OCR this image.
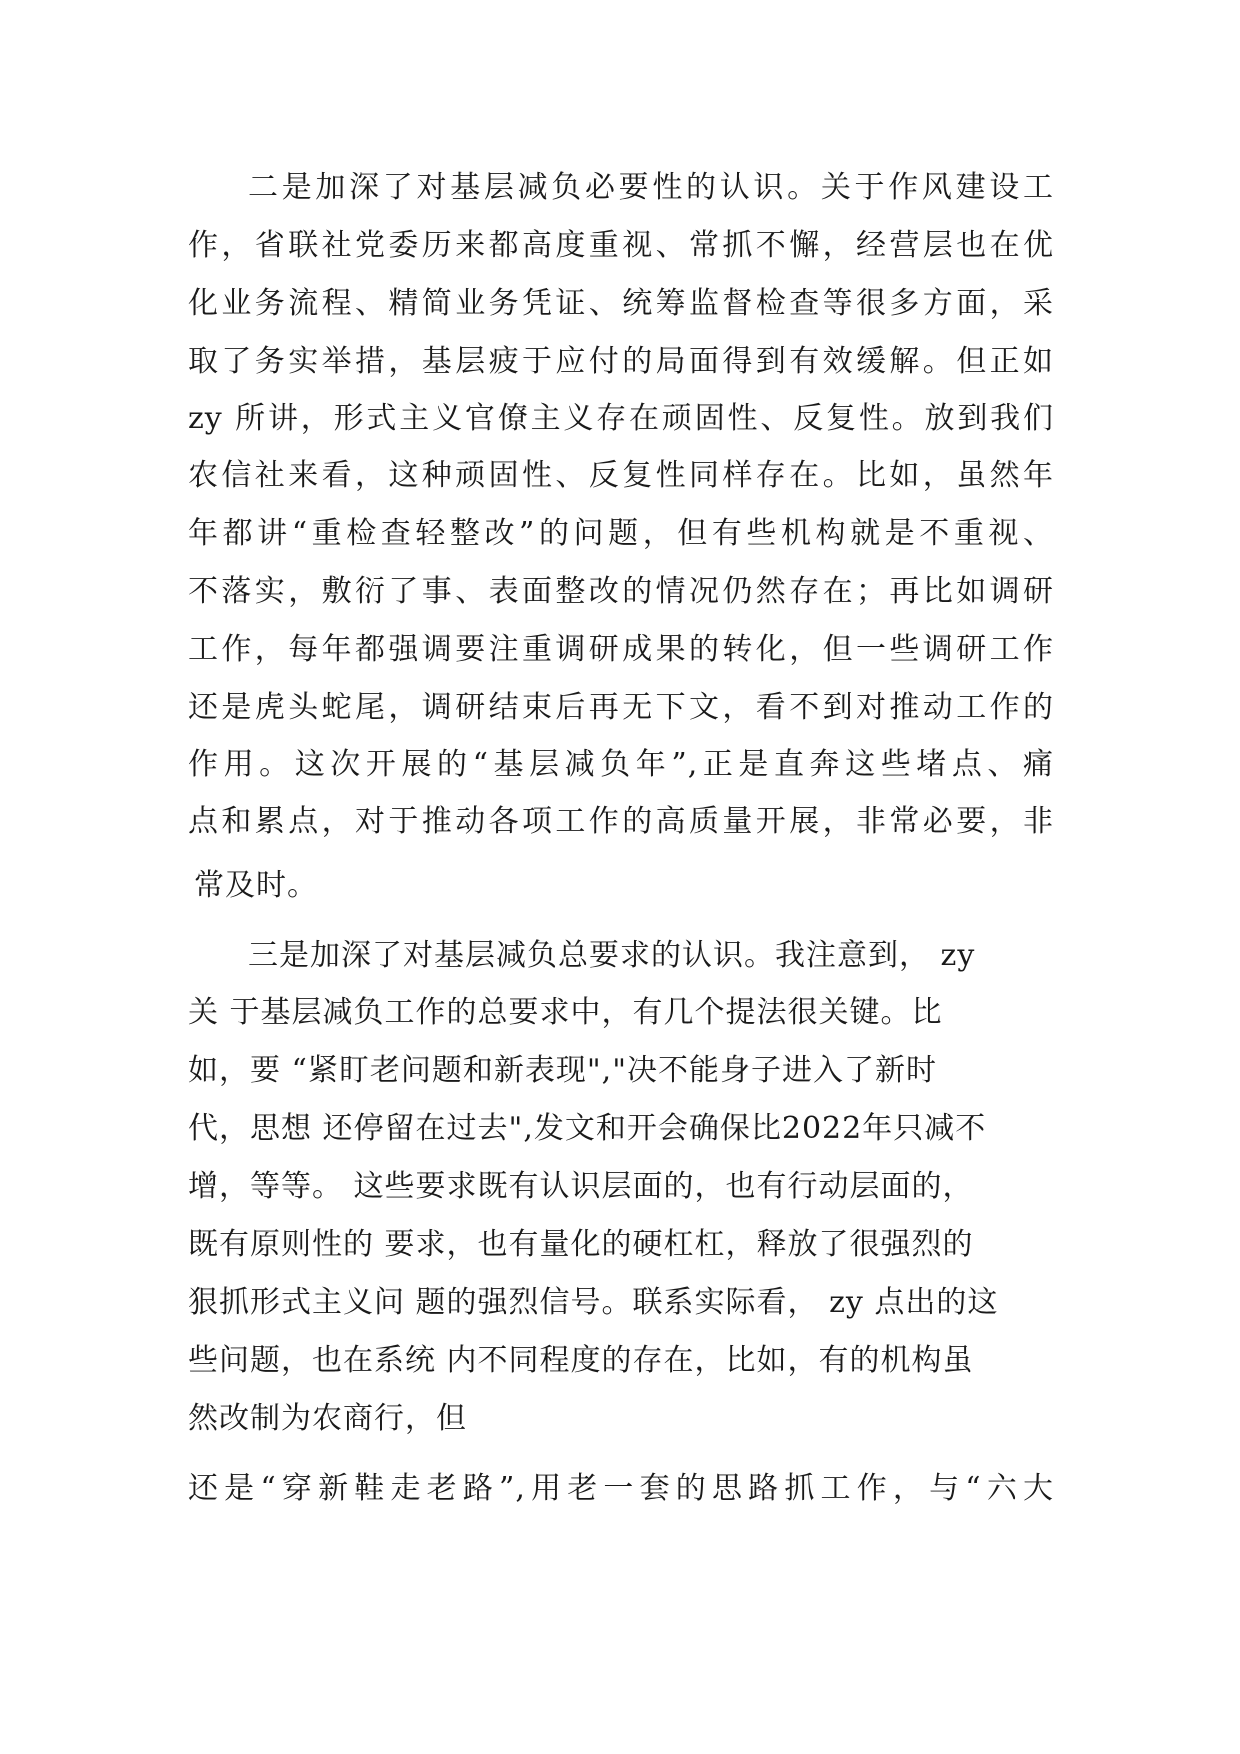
二是加深了对基层减负必要性的认识。关于作风建设工
作，省联社党委历来都高度重视、常抓不懈，经营层也在优
化业务流程、精简业务凭证、统筹监督检查等很多方面，采
取了务实举措，基层疲于应付的局面得到有效缓解。但正如
zy 所讲，形式主义官僚主义存在顽固性、反复性。放到我们
农信社来看，这种顽固性、反复性同样存在。比如，虽然年
年都讲“重检查轻整改”的问题，但有些机构就是不重视、
不落实，敷衍了事、表面整改的情况仍然存在；再比如调研
工作，每年都强调要注重调研成果的转化，但一些调研工作
还是虎头蛇尾，调研结束后再无下文，看不到对推动工作的
作用。这次开展的“基层减负年”,正是直奔这些堵点、痛
点和累点，对于推动各项工作的高质量开展，非常必要，非
常及时。
三是加深了对基层减负总要求的认识。我注意到， zy
关 于基层减负工作的总要求中，有几个提法很关键。比
如，要 “紧盯老问题和新表现","决不能身子进入了新时
代，思想 还停留在过去",发文和开会确保比2022年只减不
增，等等。 这些要求既有认识层面的，也有行动层面的，
既有原则性的 要求，也有量化的硬杠杠，释放了很强烈的
狠抓形式主义问 题的强烈信号。联系实际看， zy 点出的这
些问题，也在系统 内不同程度的存在，比如，有的机构虽
然改制为农商行，但
还是“穿新鞋走老路”,用老一套的思路抓工作，与“六大
